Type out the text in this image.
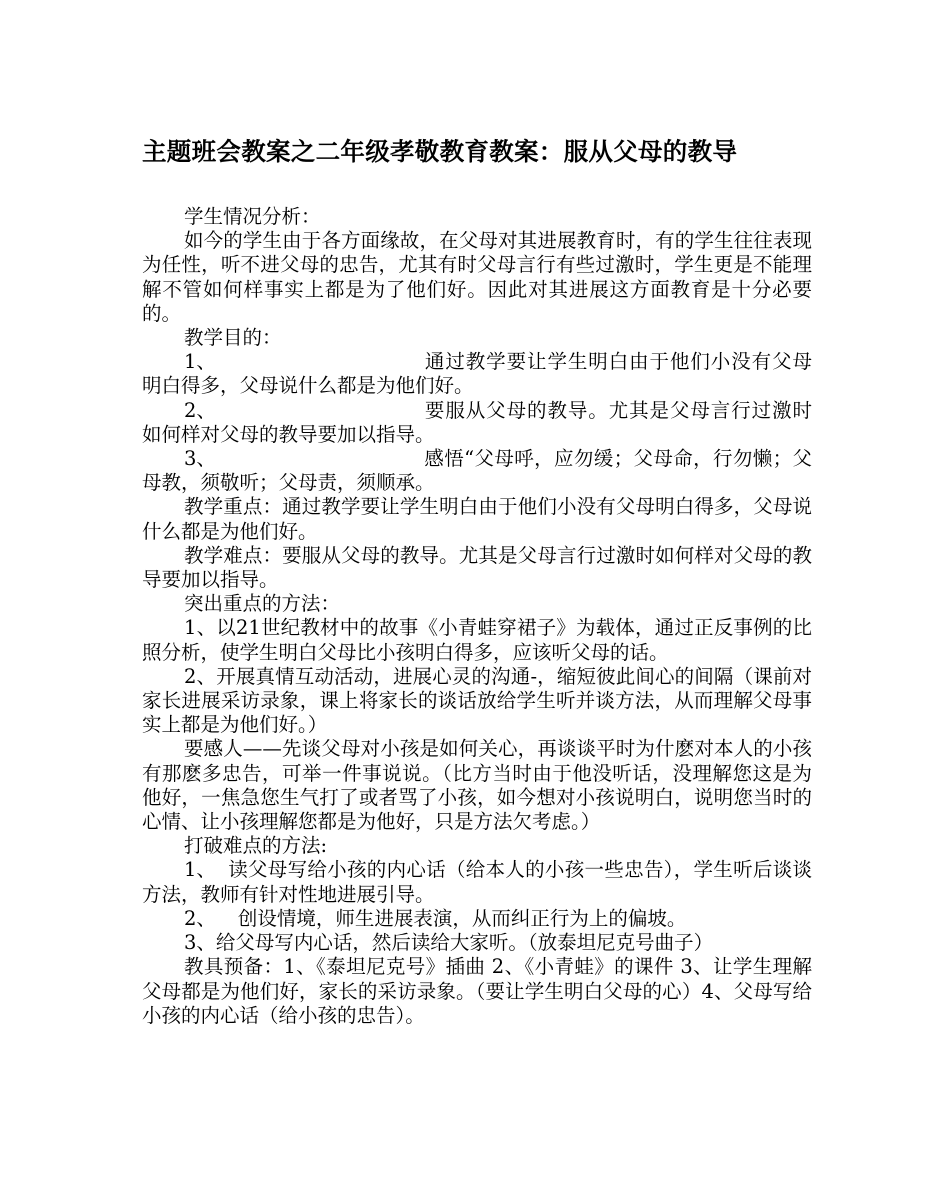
主题班会教案之二年级孝敬教育教案：服从父母的教导

学生情况分析：

如今的学生由于各方面缘故，在父母对其进展教育时，有的学生往往表现为任性，听不进父母的忠告，尤其有时父母言行有些过激时，学生更是不能理解不管如何样事实上都是为了他们好。因此对其进展这方面教育是十分必要的。

教学目的：

1、	通过教学要让学生明白由于他们小没有父母明白得多，父母说什么都是为他们好。

2、	要服从父母的教导。尤其是父母言行过激时如何样对父母的教导要加以指导。

3、	感悟“父母呼，应勿缓；父母命，行勿懒；父母教，须敬听；父母责，须顺承。

教学重点：通过教学要让学生明白由于他们小没有父母明白得多，父母说什么都是为他们好。

教学难点：要服从父母的教导。尤其是父母言行过激时如何样对父母的教导要加以指导。

突出重点的方法：

1、以21世纪教材中的故事《小青蛙穿裙子》为载体，通过正反事例的比照分析，使学生明白父母比小孩明白得多，应该听父母的话。

2、开展真情互动活动，进展心灵的沟通-，缩短彼此间心的间隔（课前对家长进展采访录象，课上将家长的谈话放给学生听并谈方法，从而理解父母事实上都是为他们好。）

要感人——先谈父母对小孩是如何关心，再谈谈平时为什麽对本人的小孩有那麽多忠告，可举一件事说说。（比方当时由于他没听话，没理解您这是为他好，一焦急您生气打了或者骂了小孩，如今想对小孩说明白，说明您当时的心情、让小孩理解您都是为他好，只是方法欠考虑。）

打破难点的方法:

1、 读父母写给小孩的内心话（给本人的小孩一些忠告），学生听后谈谈方法，教师有针对性地进展引导。

2、 创设情境，师生进展表演，从而纠正行为上的偏坡。

3、给父母写内心话，然后读给大家听。（放泰坦尼克号曲子）

教具预备：1、《泰坦尼克号》插曲 2、《小青蛙》的课件 3、让学生理解父母都是为他们好，家长的采访录象。（要让学生明白父母的心）4、父母写给小孩的内心话（给小孩的忠告）。
